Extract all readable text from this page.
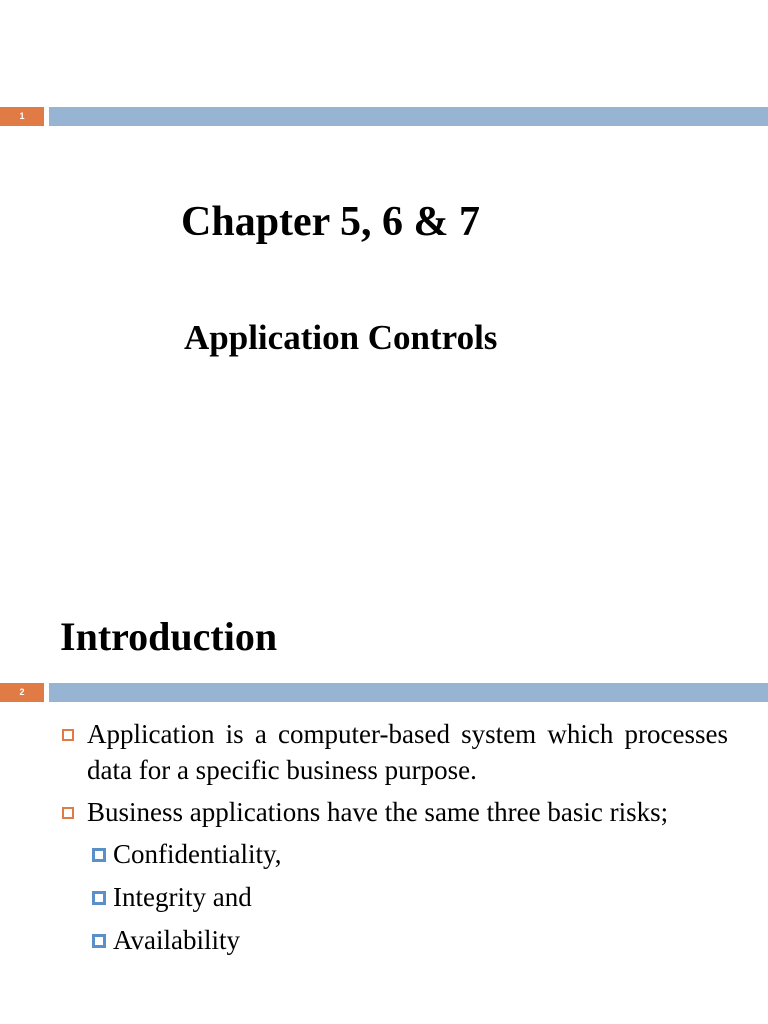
1
Chapter 5, 6 & 7
Application Controls
Introduction
2
Application is a computer-based system which processes data for a specific business purpose.
Business applications have the same three basic risks;
Confidentiality,
Integrity and
Availability
